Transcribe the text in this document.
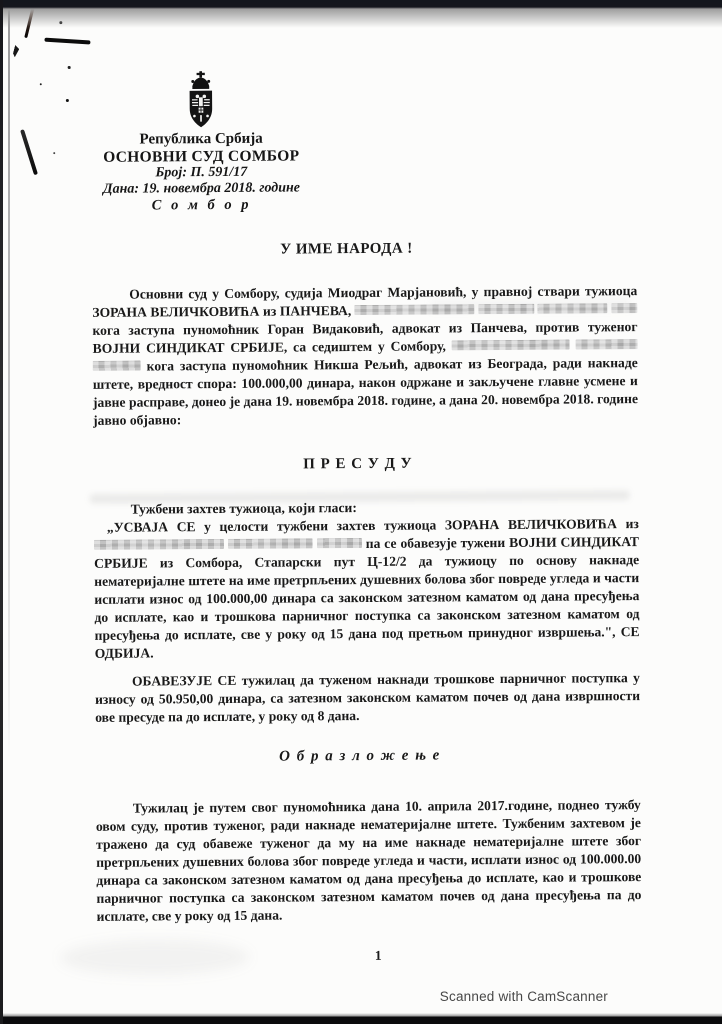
Република Србија
ОСНОВНИ СУД СОМБОР
Број: П. 591/17
Дана: 19. новембра 2018. године
С о м б о р
У ИМЕ НАРОДА !

Основни суд у Сомбору, судија Миодраг Марјановић, у правној ствари тужиоца ЗОРАНА ВЕЛИЧКОВИЋА из ПАНЧЕВА,     кога заступа пуномоћник Горан Видаковић, адвокат из Панчева, против туженог ВОЈНИ СИНДИКАТ СРБИЈЕ, са седиштем у Сомбору,    кога заступа пуномоћник Никша Рељић, адвокат из Београда, ради накнаде штете, вредност спора: 100.000,00 динара, након одржане и закључене главне усмене и јавне расправе, донео је дана 19. новембра 2018. године, а дана 20. новембра 2018. године јавно објавно:

П Р Е С У Д У

Тужбени захтев тужиоца, који гласи:

„УСВАЈА СЕ у целости тужбени захтев тужиоца ЗОРАНА ВЕЛИЧКОВИЋА из    па се обавезује тужени ВОЈНИ СИНДИКАТ СРБИЈЕ из Сомбора, Стапарски пут Ц-12/2 да тужиоцу по основу накнаде нематеријалне штете на име претрпљених душевних болова због повреде угледа и части исплати износ од 100.000,00 динара са законском затезном каматом од дана пресуђења до исплате, као и трошкова парничног поступка са законском затезном каматом од пресуђења до исплате, све у року од 15 дана под претњом принудног извршења.", СЕ ОДБИЈА.

ОБАВЕЗУЈЕ СЕ тужилац да туженом накнади трошкове парничног поступка у износу од 50.950,00 динара, са затезном законском каматом почев од дана извршности ове пресуде па до исплате, у року од 8 дана.

О б р а з л о ж е њ е

Тужилац је путем свог пуномоћника дана 10. априла 2017.године, поднео тужбу овом суду, против туженог, ради накнаде нематеријалне штете. Тужбеним захтевом је тражено да суд обавеже туженог да му на име накнаде нематеријалне штете због претрпљених душевних болова због повреде угледа и части, исплати износ од 100.000.00 динара са законском затезном каматом од дана пресуђења до исплате, као и трошкове парничног поступка са законском затезном каматом почев од дана пресуђења па до исплате, све у року од 15 дана.

1
Scanned with CamScanner
